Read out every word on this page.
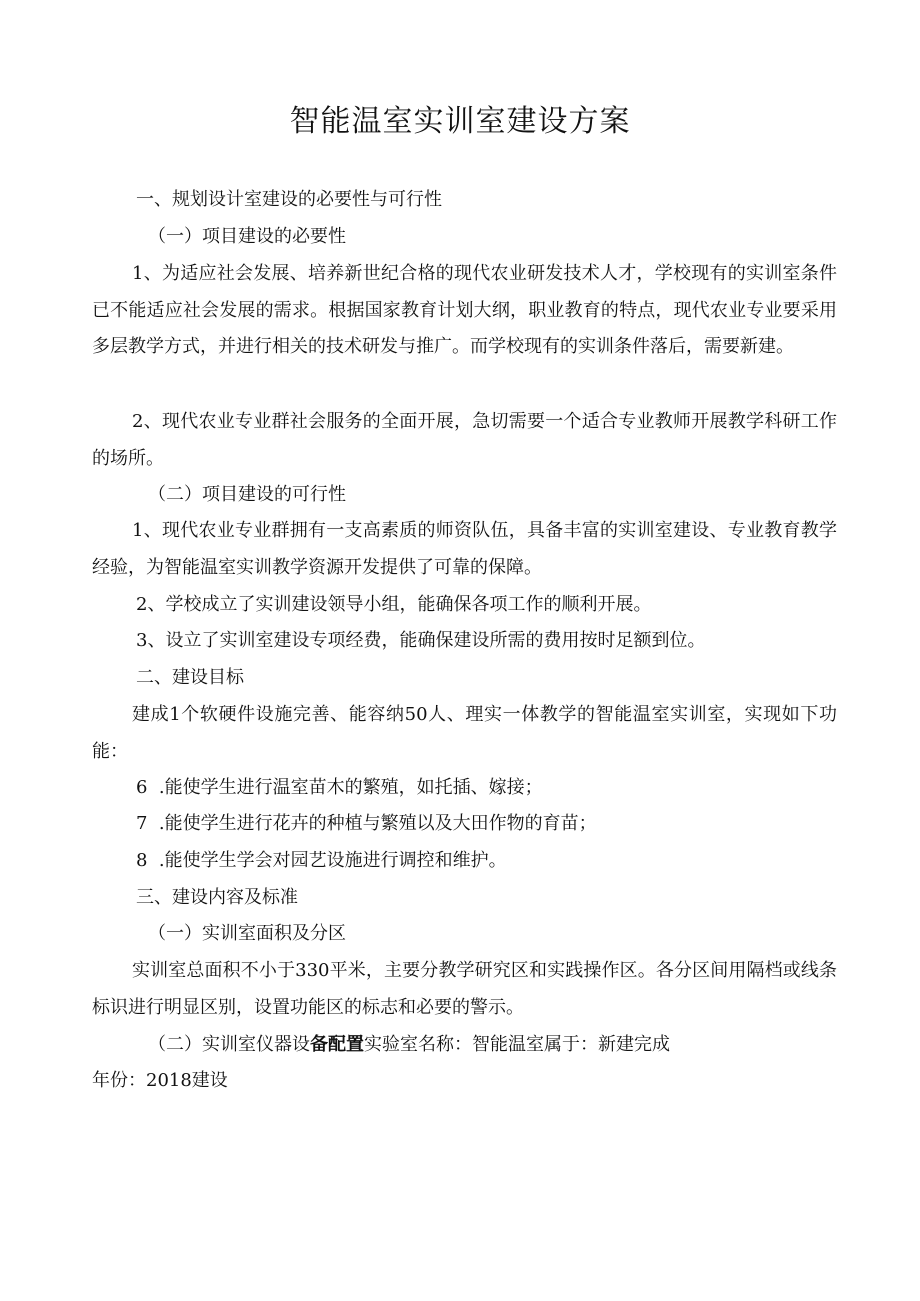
智能温室实训室建设方案

一、规划设计室建设的必要性与可行性

（一）项目建设的必要性

1、为适应社会发展、培养新世纪合格的现代农业研发技术人才，学校现有的实训室条件已不能适应社会发展的需求。根据国家教育计划大纲，职业教育的特点，现代农业专业要采用多层教学方式，并进行相关的技术研发与推广。而学校现有的实训条件落后，需要新建。

2、现代农业专业群社会服务的全面开展，急切需要一个适合专业教师开展教学科研工作的场所。

（二）项目建设的可行性

1、现代农业专业群拥有一支高素质的师资队伍，具备丰富的实训室建设、专业教育教学经验，为智能温室实训教学资源开发提供了可靠的保障。

2、学校成立了实训建设领导小组，能确保各项工作的顺利开展。

3、设立了实训室建设专项经费，能确保建设所需的费用按时足额到位。

二、建设目标

建成1个软硬件设施完善、能容纳50人、理实一体教学的智能温室实训室，实现如下功能：

6  .能使学生进行温室苗木的繁殖，如托插、嫁接；

7  .能使学生进行花卉的种植与繁殖以及大田作物的育苗；

8  .能使学生学会对园艺设施进行调控和维护。

三、建设内容及标准

（一）实训室面积及分区

实训室总面积不小于330平米，主要分教学研究区和实践操作区。各分区间用隔档或线条标识进行明显区别，设置功能区的标志和必要的警示。

（二）实训室仪器设备配置实验室名称：智能温室属于：新建完成

年份：2018建设
